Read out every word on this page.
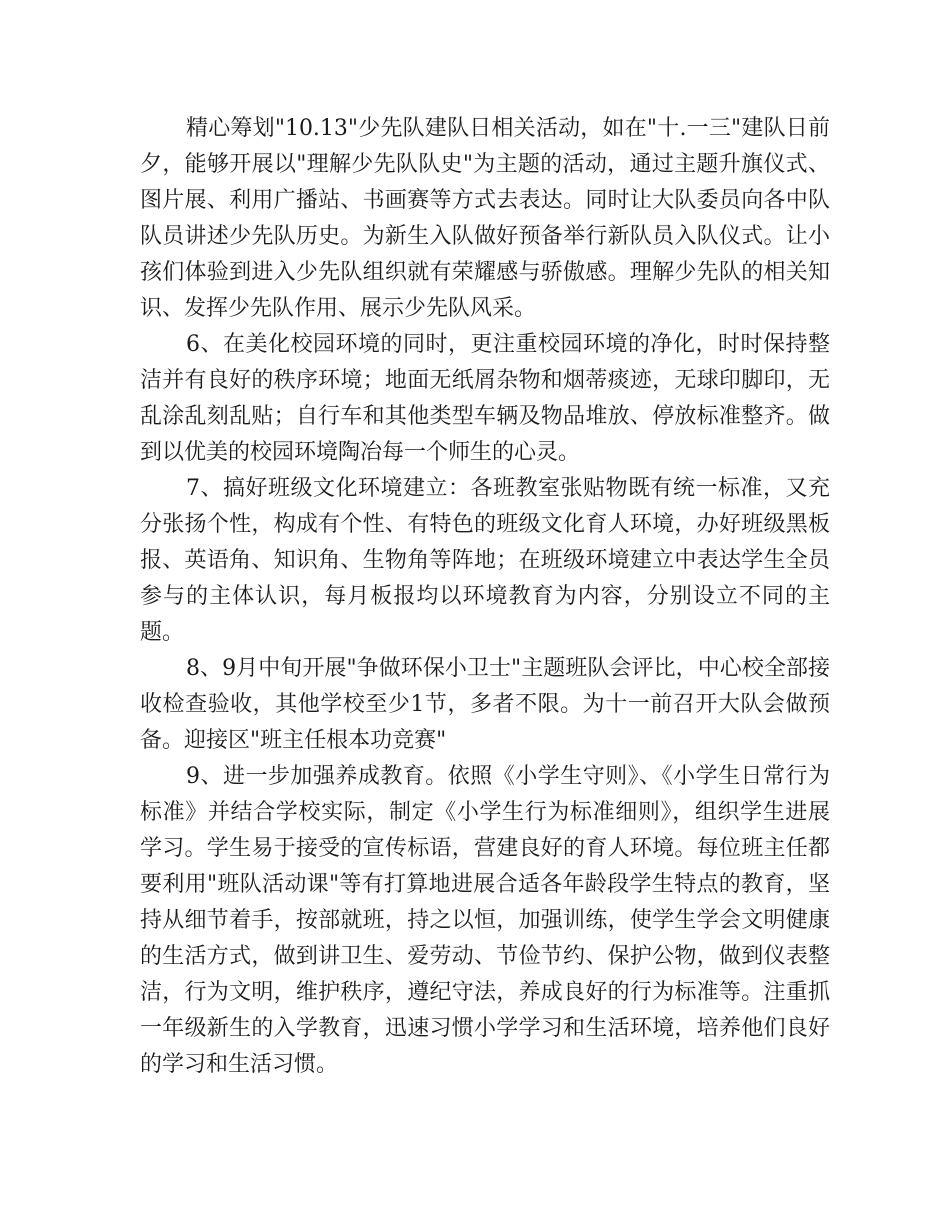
精心筹划"10.13"少先队建队日相关活动，如在"十.一三"建队日前夕，能够开展以"理解少先队队史"为主题的活动，通过主题升旗仪式、图片展、利用广播站、书画赛等方式去表达。同时让大队委员向各中队队员讲述少先队历史。为新生入队做好预备举行新队员入队仪式。让小孩们体验到进入少先队组织就有荣耀感与骄傲感。理解少先队的相关知识、发挥少先队作用、展示少先队风采。

6、在美化校园环境的同时，更注重校园环境的净化，时时保持整洁并有良好的秩序环境；地面无纸屑杂物和烟蒂痰迹，无球印脚印，无乱涂乱刻乱贴；自行车和其他类型车辆及物品堆放、停放标准整齐。做到以优美的校园环境陶冶每一个师生的心灵。

7、搞好班级文化环境建立：各班教室张贴物既有统一标准，又充分张扬个性，构成有个性、有特色的班级文化育人环境，办好班级黑板报、英语角、知识角、生物角等阵地；在班级环境建立中表达学生全员参与的主体认识，每月板报均以环境教育为内容，分别设立不同的主题。

8、9月中旬开展"争做环保小卫士"主题班队会评比，中心校全部接收检查验收，其他学校至少1节，多者不限。为十一前召开大队会做预备。迎接区"班主任根本功竞赛"

9、进一步加强养成教育。依照《小学生守则》、《小学生日常行为标准》并结合学校实际，制定《小学生行为标准细则》，组织学生进展学习。学生易于接受的宣传标语，营建良好的育人环境。每位班主任都要利用"班队活动课"等有打算地进展合适各年龄段学生特点的教育，坚持从细节着手，按部就班，持之以恒，加强训练，使学生学会文明健康的生活方式，做到讲卫生、爱劳动、节俭节约、保护公物，做到仪表整洁，行为文明，维护秩序，遵纪守法，养成良好的行为标准等。注重抓一年级新生的入学教育，迅速习惯小学学习和生活环境，培养他们良好的学习和生活习惯。
